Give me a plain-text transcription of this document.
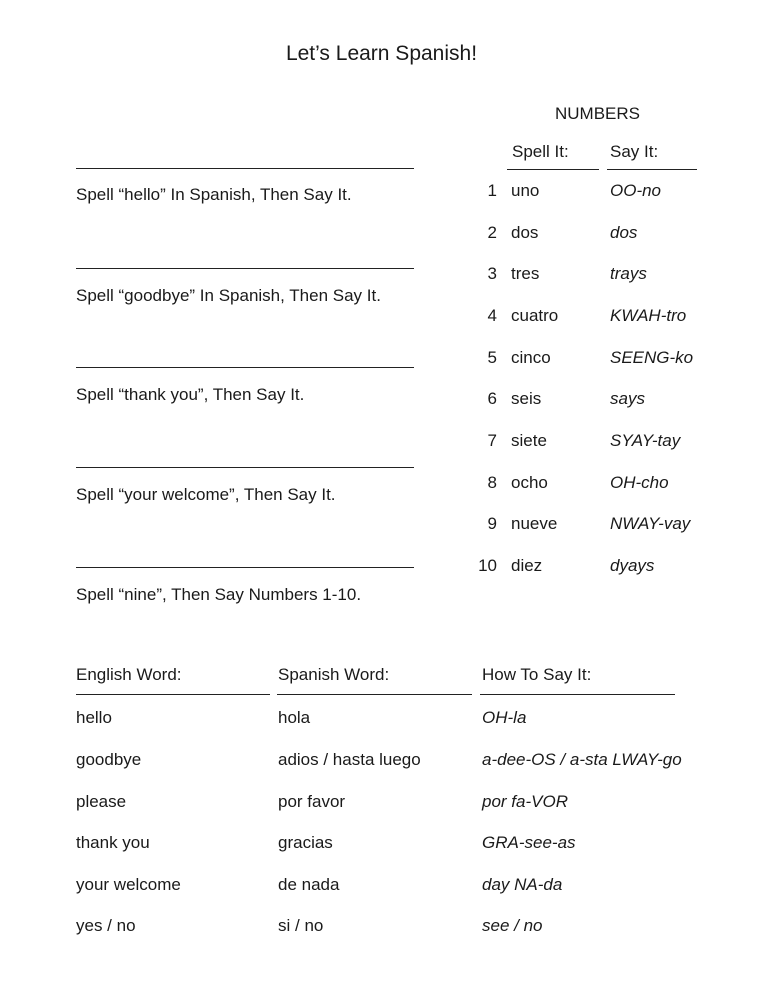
Let’s Learn Spanish!
NUMBERS
Spell It: Say It:
1 uno	OO-no
2 dos	dos
3 tres	trays
4 cuatro	KWAH-tro
5 cinco	SEENG-ko
6 seis	says
7 siete	SYAY-tay
8 ocho	OH-cho
9 nueve	NWAY-vay
10 diez	dyays
Spell “hello” In Spanish, Then Say It.
Spell “goodbye” In Spanish, Then Say It.
Spell “thank you”, Then Say It.
Spell “your welcome”, Then Say It.
Spell “nine”, Then Say Numbers 1-10.
English Word:	Spanish Word:	How To Say It:
hello	hola	OH-la
goodbye	adios / hasta luego	a-dee-OS / a-sta LWAY-go
please	por favor	por fa-VOR
thank you	gracias	GRA-see-as
your welcome	de nada	day NA-da
yes / no	si / no	see / no
